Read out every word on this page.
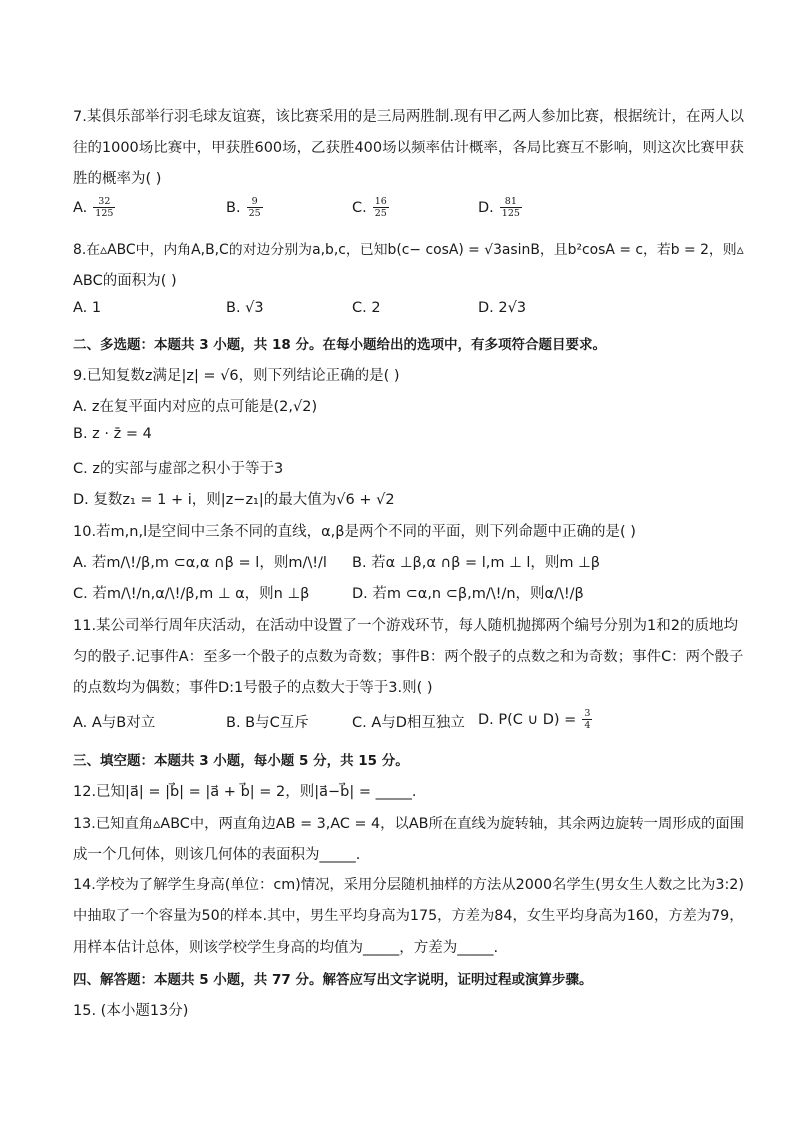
7.某俱乐部举行羽毛球友谊赛，该比赛采用的是三局两胜制.现有甲乙两人参加比赛，根据统计，在两人以
往的1000场比赛中，甲获胜600场，乙获胜400场以频率估计概率，各局比赛互不影响，则这次比赛甲获
胜的概率为( )
A. $\frac{32}{125}$	B. $\frac{9}{25}$	C. $\frac{16}{25}$	D. $\frac{81}{125}$
8.在▵ABC中，内角A,B,C的对边分别为a,b,c，已知b(c− cosA) = √3asinB，且b²cosA = c，若b = 2，则▵
ABC的面积为( )
A. 1	B. √3	C. 2	D. 2√3
二、多选题：本题共 3 小题，共 18 分。在每小题给出的选项中，有多项符合题目要求。
9.已知复数z满足|z| = √6，则下列结论正确的是( )
A. z在复平面内对应的点可能是(2,√2)
B. z · z̄ = 4
C. z的实部与虚部之积小于等于3
D. 复数z₁ = 1 + i，则|z−z₁|的最大值为√6 + √2
10.若m,n,l是空间中三条不同的直线，α,β是两个不同的平面，则下列命题中正确的是( )
A. 若m/\!/β,m ⊂α,α ∩β = l，则m/\!/l B. 若α ⊥β,α ∩β = l,m ⊥ l，则m ⊥β
C. 若m/\!/n,α/\!/β,m ⊥ α，则n ⊥β	D. 若m ⊂α,n ⊂β,m/\!/n，则α/\!/β
11.某公司举行周年庆活动，在活动中设置了一个游戏环节，每人随机抛掷两个编号分别为1和2的质地均
匀的骰子.记事件A：至多一个骰子的点数为奇数；事件B：两个骰子的点数之和为奇数；事件C：两个骰子
的点数均为偶数；事件D:1号骰子的点数大于等于3.则( )
A. A与B对立	B. B与C互斥	C. A与D相互独立 D. P(C ∪ $D) = \frac{3}{4}$
三、填空题：本题共 3 小题，每小题 5 分，共 15 分。
12.已知|a⃗| = |b⃗| = |a⃗ + b⃗| = 2，则|a⃗−b⃗| = _____.
13.已知直角▵ABC中，两直角边AB = 3,AC = 4，以AB所在直线为旋转轴，其余两边旋转一周形成的面围
成一个几何体，则该几何体的表面积为_____.
14.学校为了解学生身高(单位：cm)情况，采用分层随机抽样的方法从2000名学生(男女生人数之比为3:2)
中抽取了一个容量为50的样本.其中，男生平均身高为175，方差为84，女生平均身高为160，方差为79，
用样本估计总体，则该学校学生身高的均值为_____，方差为_____.
四、解答题：本题共 5 小题，共 77 分。解答应写出文字说明，证明过程或演算步骤。
15. (本小题13分)
